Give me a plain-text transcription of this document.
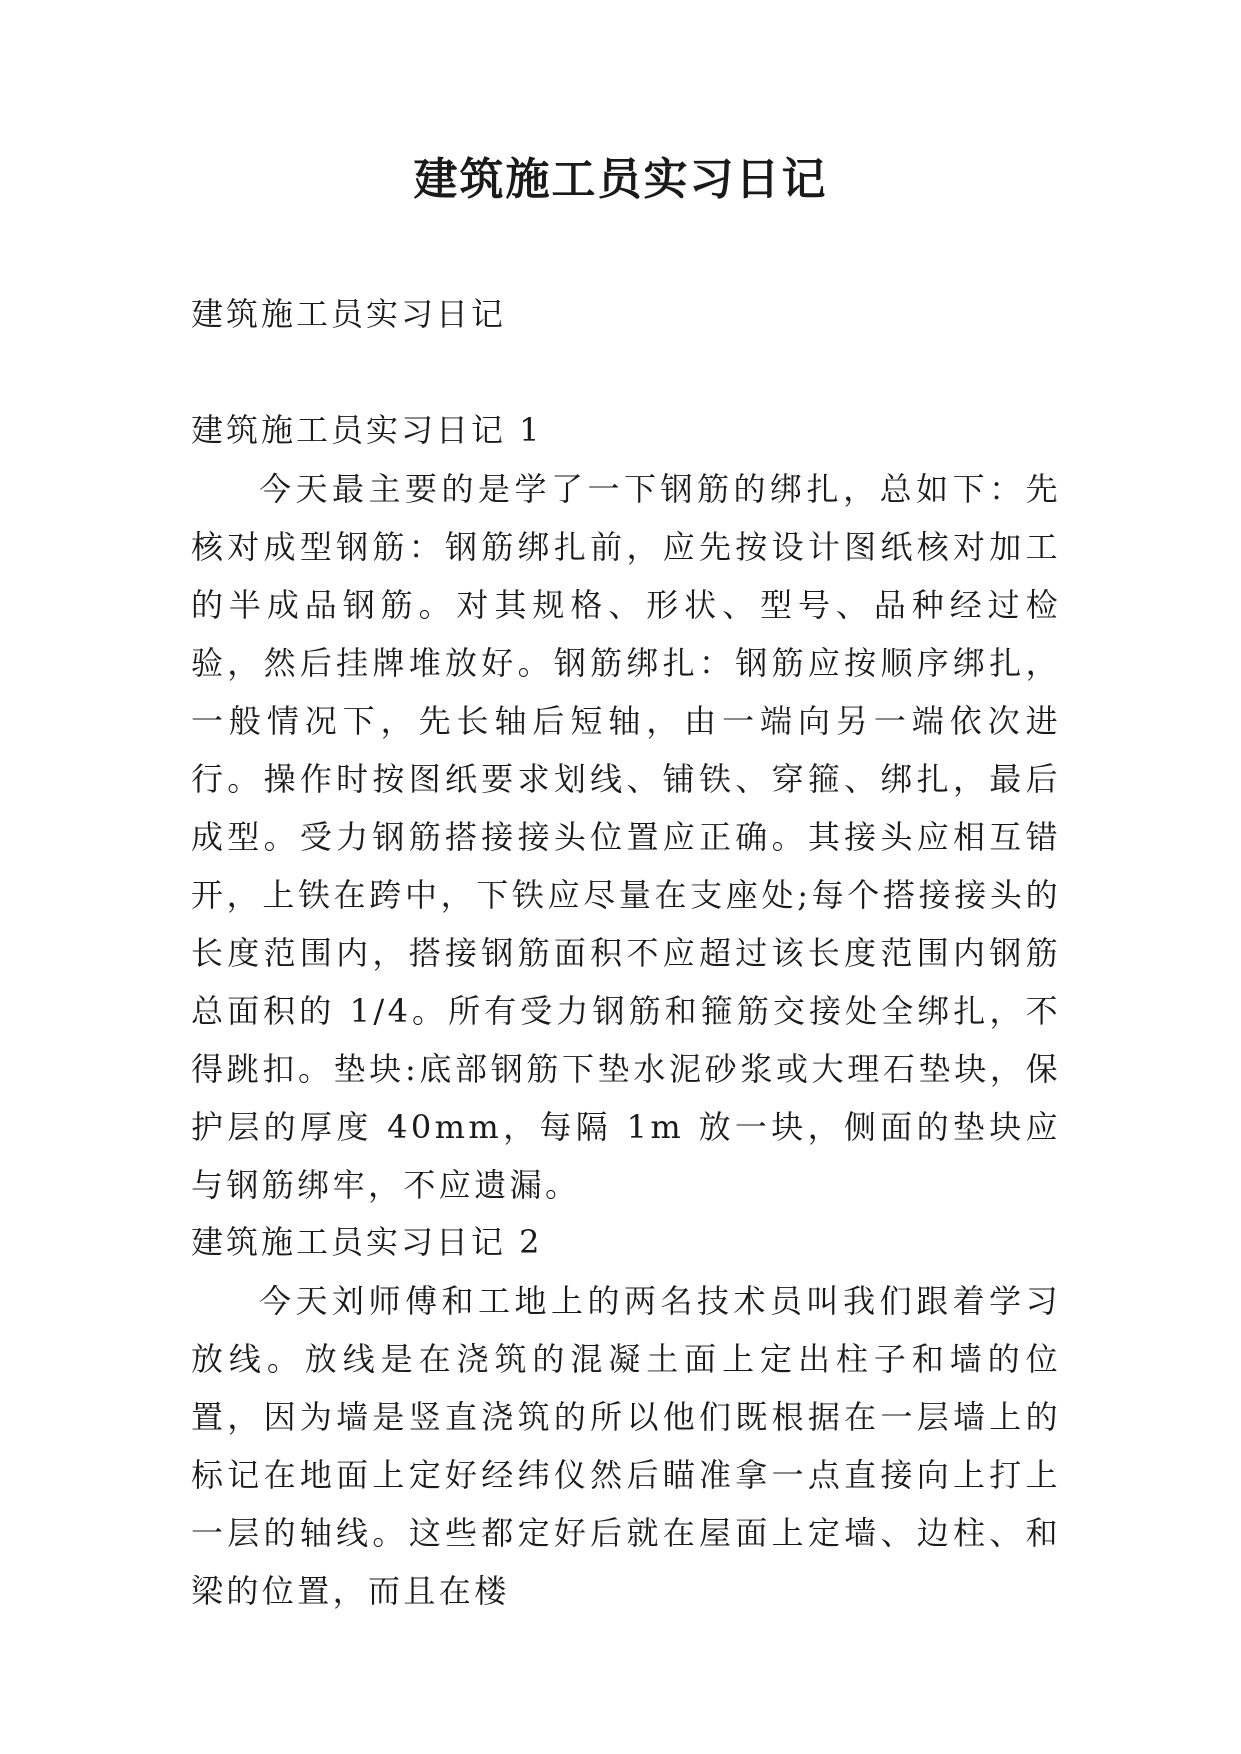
建筑施工员实习日记

建筑施工员实习日记

建筑施工员实习日记 1

今天最主要的是学了一下钢筋的绑扎，总如下：先核对成型钢筋：钢筋绑扎前，应先按设计图纸核对加工的半成品钢筋。对其规格、形状、型号、品种经过检验，然后挂牌堆放好。钢筋绑扎：钢筋应按顺序绑扎，一般情况下，先长轴后短轴，由一端向另一端依次进行。操作时按图纸要求划线、铺铁、穿箍、绑扎，最后成型。受力钢筋搭接接头位置应正确。其接头应相互错开，上铁在跨中，下铁应尽量在支座处;每个搭接接头的长度范围内，搭接钢筋面积不应超过该长度范围内钢筋总面积的 1/4。所有受力钢筋和箍筋交接处全绑扎，不得跳扣。垫块:底部钢筋下垫水泥砂浆或大理石垫块，保护层的厚度 40mm，每隔 1m 放一块，侧面的垫块应与钢筋绑牢，不应遗漏。

建筑施工员实习日记 2

今天刘师傅和工地上的两名技术员叫我们跟着学习放线。放线是在浇筑的混凝土面上定出柱子和墙的位置，因为墙是竖直浇筑的所以他们既根据在一层墙上的标记在地面上定好经纬仪然后瞄准拿一点直接向上打上一层的轴线。这些都定好后就在屋面上定墙、边柱、和梁的位置，而且在楼
